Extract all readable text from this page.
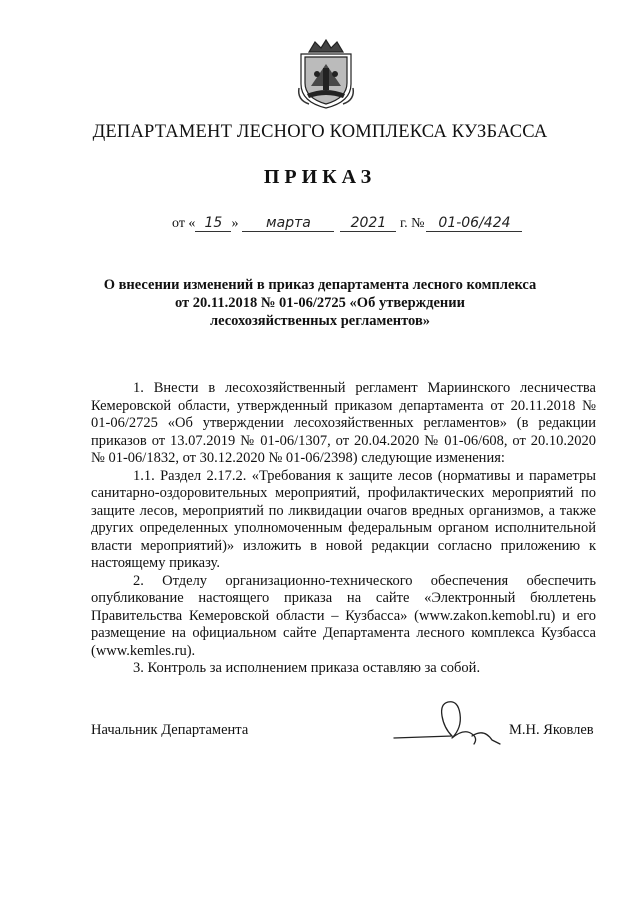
ДЕПАРТАМЕНТ ЛЕСНОГО КОМПЛЕКСА КУЗБАССА
ПРИКАЗ
от « 15 » марта	2021 г. № 01-06/424
О внесении изменений в приказ департамента лесного комплекса
от 20.11.2018 № 01-06/2725 «Об утверждении
лесохозяйственных регламентов»

1. Внести в лесохозяйственный регламент Мариинского лесничества Кемеровской области, утвержденный приказом департамента от 20.11.2018 № 01-06/2725 «Об утверждении лесохозяйственных регламентов» (в редакции приказов от 13.07.2019 № 01-06/1307, от 20.04.2020 № 01-06/608, от 20.10.2020 № 01-06/1832, от 30.12.2020 № 01-06/2398) следующие изменения:

1.1. Раздел 2.17.2. «Требования к защите лесов (нормативы и параметры санитарно-оздоровительных мероприятий, профилактических мероприятий по защите лесов, мероприятий по ликвидации очагов вредных организмов, а также других определенных уполномоченным федеральным органом исполнительной власти мероприятий)» изложить в новой редакции согласно приложению к настоящему приказу.

2. Отделу организационно-технического обеспечения обеспечить опубликование настоящего приказа на сайте «Электронный бюллетень Правительства Кемеровской области – Кузбасса» (www.zakon.kemobl.ru) и его размещение на официальном сайте Департамента лесного комплекса Кузбасса (www.kemles.ru).

3. Контроль за исполнением приказа оставляю за собой.

Начальник Департамента	М.Н. Яковлев
